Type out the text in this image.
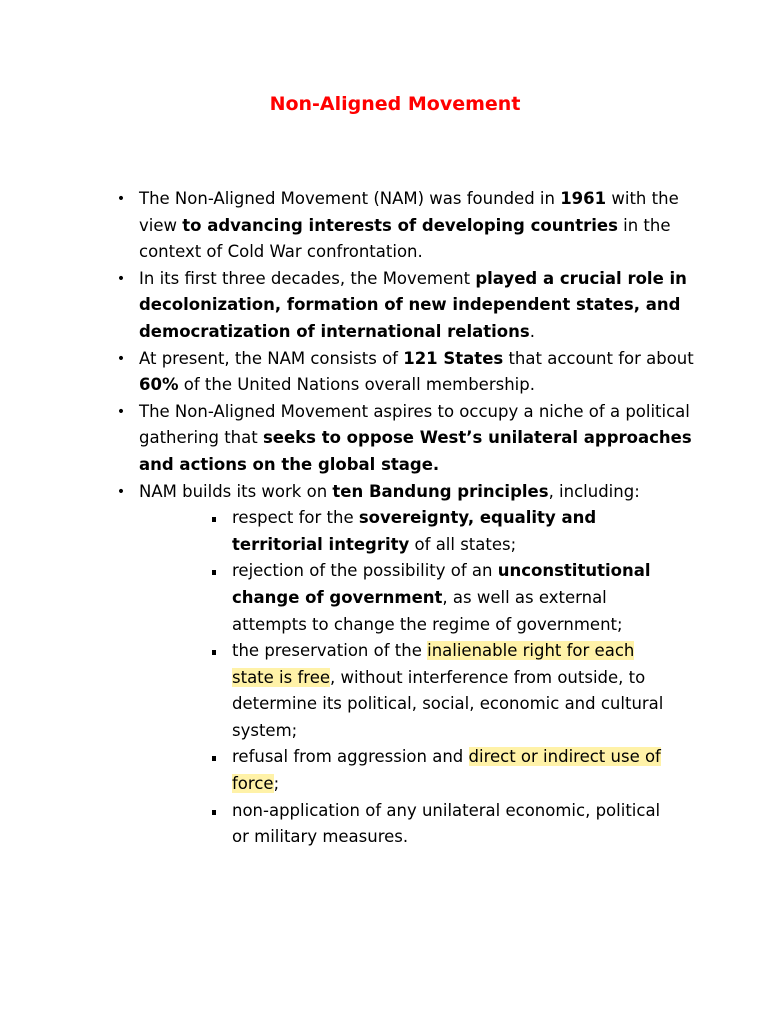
Non-Aligned Movement
• The Non-Aligned Movement (NAM) was founded in 1961 with the view to advancing interests of developing countries in the context of Cold War confrontation.
• In its first three decades, the Movement played a crucial role in decolonization, formation of new independent states, and democratization of international relations.
• At present, the NAM consists of 121 States that account for about 60% of the United Nations overall membership.
• The Non-Aligned Movement aspires to occupy a niche of a political gathering that seeks to oppose West’s unilateral approaches and actions on the global stage.
• NAM builds its work on ten Bandung principles, including:
respect for the sovereignty, equality and territorial integrity of all states;
rejection of the possibility of an unconstitutional change of government, as well as external attempts to change the regime of government;
the preservation of the inalienable right for each state is free, without interference from outside, to determine its political, social, economic and cultural system;
refusal from aggression and direct or indirect use of force;
non-application of any unilateral economic, political or military measures.
